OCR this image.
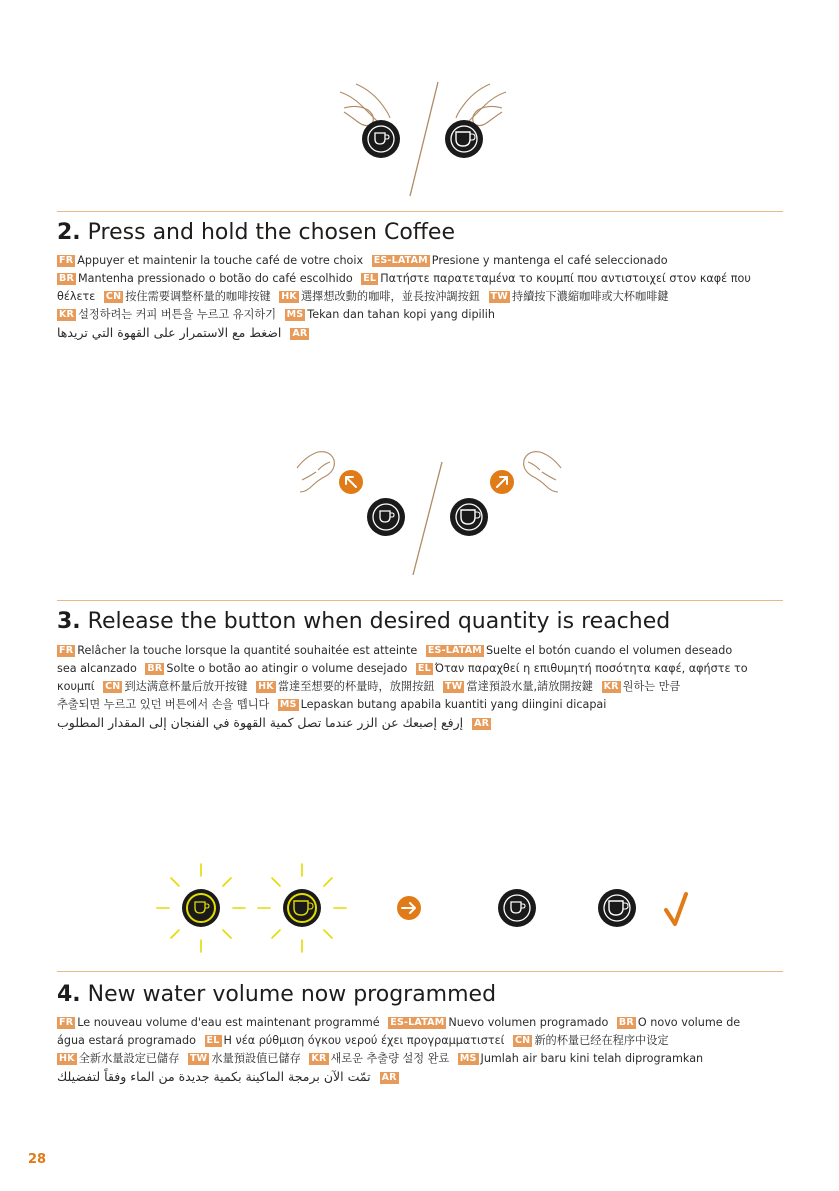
2. Press and hold the chosen Coffee
FR Appuyer et maintenir la touche café de votre choix ES-LATAM Presione y mantenga el café seleccionado
BR Mantenha pressionado o botão do café escolhido EL Πατήστε παρατεταμένα το κουμπί που αντιστοιχεί στον καφέ που
θέλετε CN 按住需要调整杯量的咖啡按键 HK 選擇想改動的咖啡，並長按沖調按鈕 TW 持續按下濃縮咖啡或大杯咖啡鍵
KR 설정하려는 커피 버튼을 누르고 유지하기 MS Tekan dan tahan kopi yang dipilih
اضغط مع الاستمرار على القهوة التي تريدها AR
3. Release the button when desired quantity is reached
FR Relâcher la touche lorsque la quantité souhaitée est atteinte ES-LATAM Suelte el botón cuando el volumen deseado
sea alcanzado BR Solte o botão ao atingir o volume desejado EL Όταν παραχθεί η επιθυμητή ποσότητα καφέ, αφήστε το
κουμπί CN 到达满意杯量后放开按键 HK 當達至想要的杯量時，放開按鈕 TW 當達預設水量,請放開按鍵 KR 원하는 만큼
추출되면 누르고 있던 버튼에서 손을 뗍니다 MS Lepaskan butang apabila kuantiti yang diingini dicapai
إرفع إصبعك عن الزر عندما تصل كمية القهوة في الفنجان إلى المقدار المطلوب AR
4. New water volume now programmed
FR Le nouveau volume d'eau est maintenant programmé ES-LATAM Nuevo volumen programado BR O novo volume de
água estará programado EL Η νέα ρύθμιση όγκου νερού έχει προγραμματιστεί CN 新的杯量已经在程序中设定
HK 全新水量設定已儲存 TW 水量預設值已儲存 KR 새로운 추출량 설정 완료 MS Jumlah air baru kini telah diprogramkan
تمّت الآن برمجة الماكينة بكمية جديدة من الماء وفقاً لتفضيلك AR
28
